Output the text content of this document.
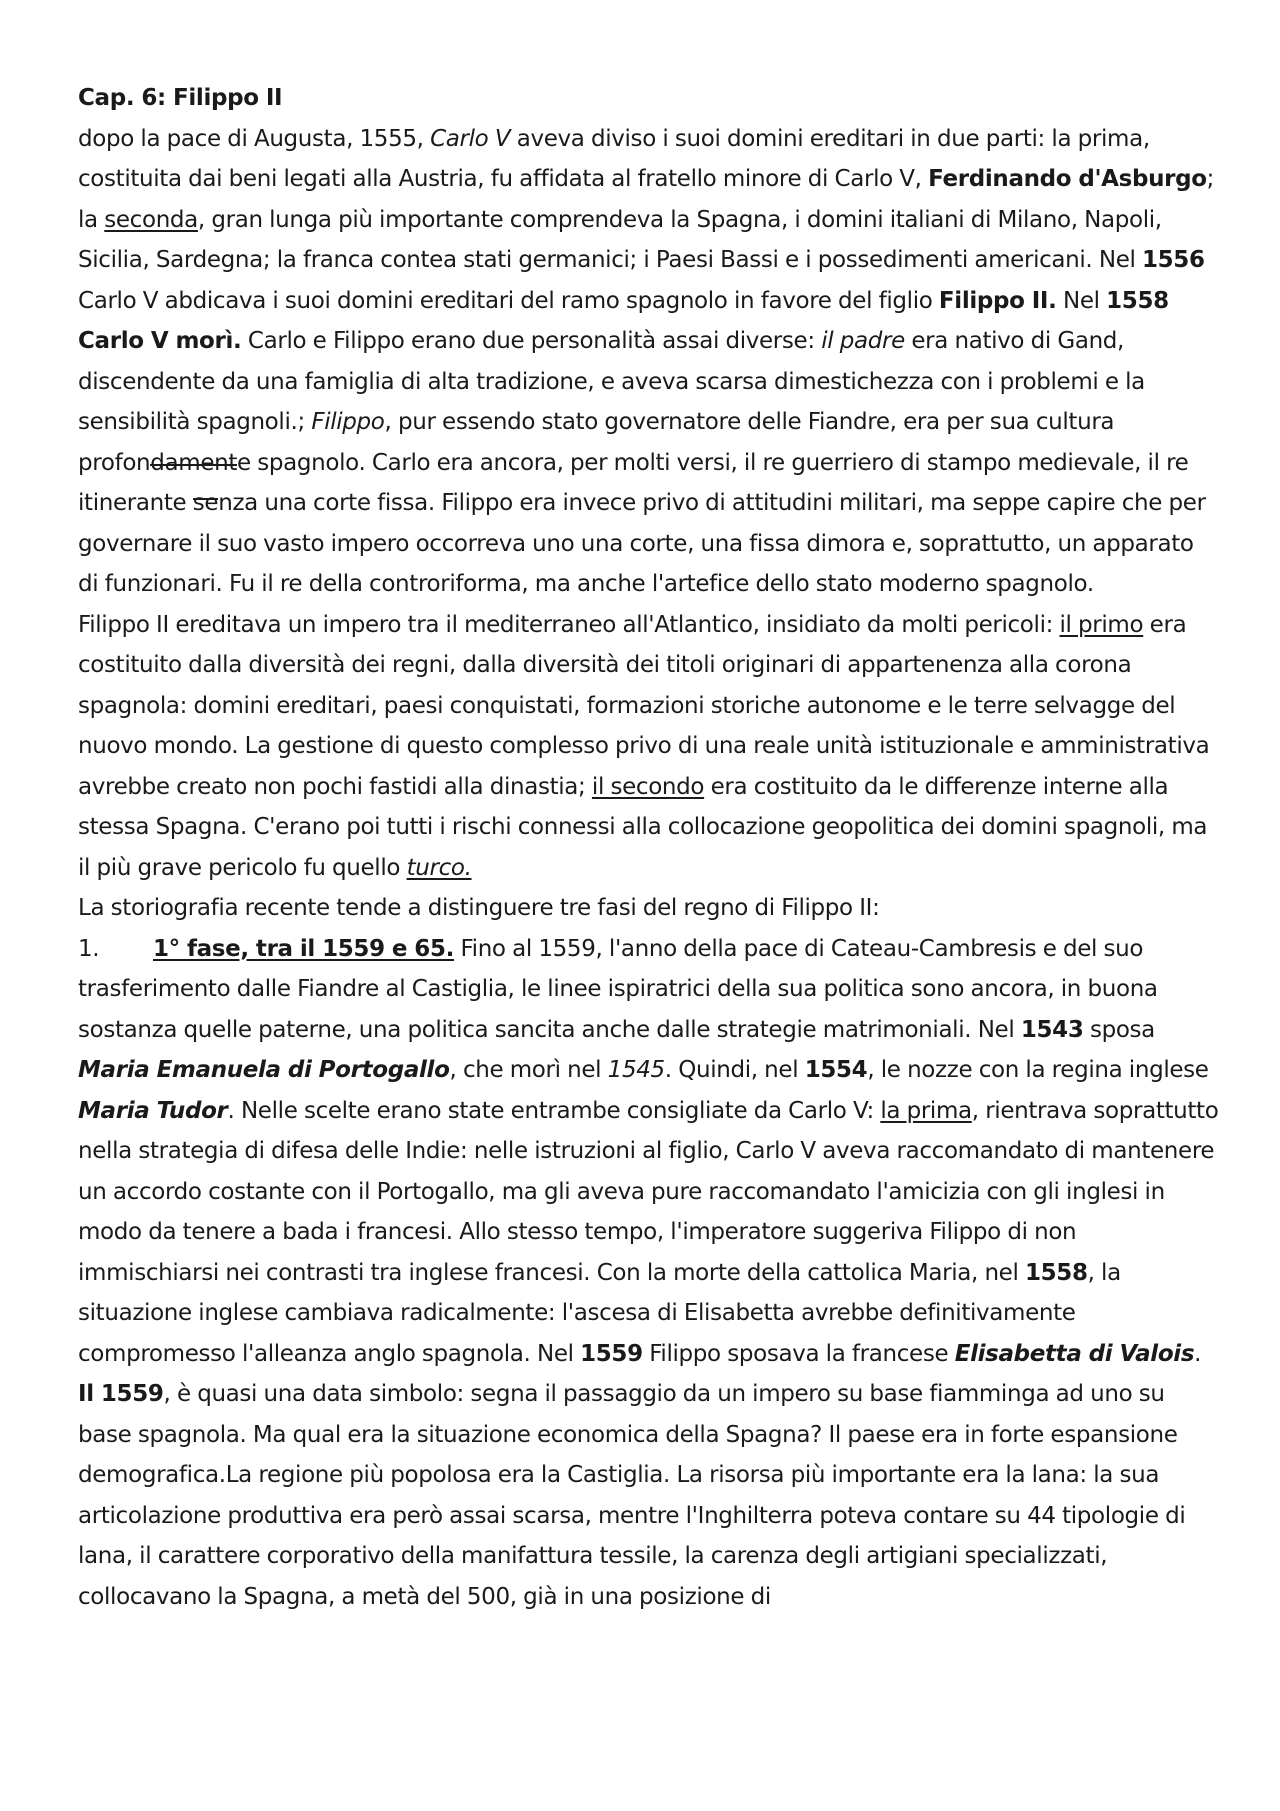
Cap. 6: Filippo II

dopo la pace di Augusta, 1555, Carlo V aveva diviso i suoi domini ereditari in due parti: la prima, costituita dai beni legati alla Austria, fu affidata al fratello minore di Carlo V, Ferdinando d'Asburgo; la seconda, gran lunga più importante comprendeva la Spagna, i domini italiani di Milano, Napoli, Sicilia, Sardegna; la franca contea stati germanici; i Paesi Bassi e i possedimenti americani. Nel 1556 Carlo V abdicava i suoi domini ereditari del ramo spagnolo in favore del figlio Filippo II. Nel 1558 Carlo V morì. Carlo e Filippo erano due personalità assai diverse: il padre era nativo di Gand, discendente da una famiglia di alta tradizione, e aveva scarsa dimestichezza con i problemi e la sensibilità spagnoli.; Filippo, pur essendo stato governatore delle Fiandre, era per sua cultura profondamente spagnolo. Carlo era ancora, per molti versi, il re guerriero di stampo medievale, il re itinerante senza una corte fissa. Filippo era invece privo di attitudini militari, ma seppe capire che per governare il suo vasto impero occorreva uno una corte, una fissa dimora e, soprattutto, un apparato di funzionari. Fu il re della controriforma, ma anche l'artefice dello stato moderno spagnolo.

Filippo II ereditava un impero tra il mediterraneo all'Atlantico, insidiato da molti pericoli: il primo era costituito dalla diversità dei regni, dalla diversità dei titoli originari di appartenenza alla corona spagnola: domini ereditari, paesi conquistati, formazioni storiche autonome e le terre selvagge del nuovo mondo. La gestione di questo complesso privo di una reale unità istituzionale e amministrativa avrebbe creato non pochi fastidi alla dinastia; il secondo era costituito da le differenze interne alla stessa Spagna. C'erano poi tutti i rischi connessi alla collocazione geopolitica dei domini spagnoli, ma il più grave pericolo fu quello turco.

La storiografia recente tende a distinguere tre fasi del regno di Filippo II:

1. 1° fase, tra il 1559 e 65. Fino al 1559, l'anno della pace di Cateau-Cambresis e del suo trasferimento dalle Fiandre al Castiglia, le linee ispiratrici della sua politica sono ancora, in buona sostanza quelle paterne, una politica sancita anche dalle strategie matrimoniali. Nel 1543 sposa Maria Emanuela di Portogallo, che morì nel 1545. Quindi, nel 1554, le nozze con la regina inglese Maria Tudor. Nelle scelte erano state entrambe consigliate da Carlo V: la prima, rientrava soprattutto nella strategia di difesa delle Indie: nelle istruzioni al figlio, Carlo V aveva raccomandato di mantenere un accordo costante con il Portogallo, ma gli aveva pure raccomandato l'amicizia con gli inglesi in modo da tenere a bada i francesi. Allo stesso tempo, l'imperatore suggeriva Filippo di non immischiarsi nei contrasti tra inglese francesi. Con la morte della cattolica Maria, nel 1558, la situazione inglese cambiava radicalmente: l'ascesa di Elisabetta avrebbe definitivamente compromesso l'alleanza anglo spagnola. Nel 1559 Filippo sposava la francese Elisabetta di Valois. Il 1559, è quasi una data simbolo: segna il passaggio da un impero su base fiamminga ad uno su base spagnola. Ma qual era la situazione economica della Spagna? Il paese era in forte espansione demografica.La regione più popolosa era la Castiglia. La risorsa più importante era la lana: la sua articolazione produttiva era però assai scarsa, mentre l'Inghilterra poteva contare su 44 tipologie di lana, il carattere corporativo della manifattura tessile, la carenza degli artigiani specializzati, collocavano la Spagna, a metà del 500, già in una posizione di
